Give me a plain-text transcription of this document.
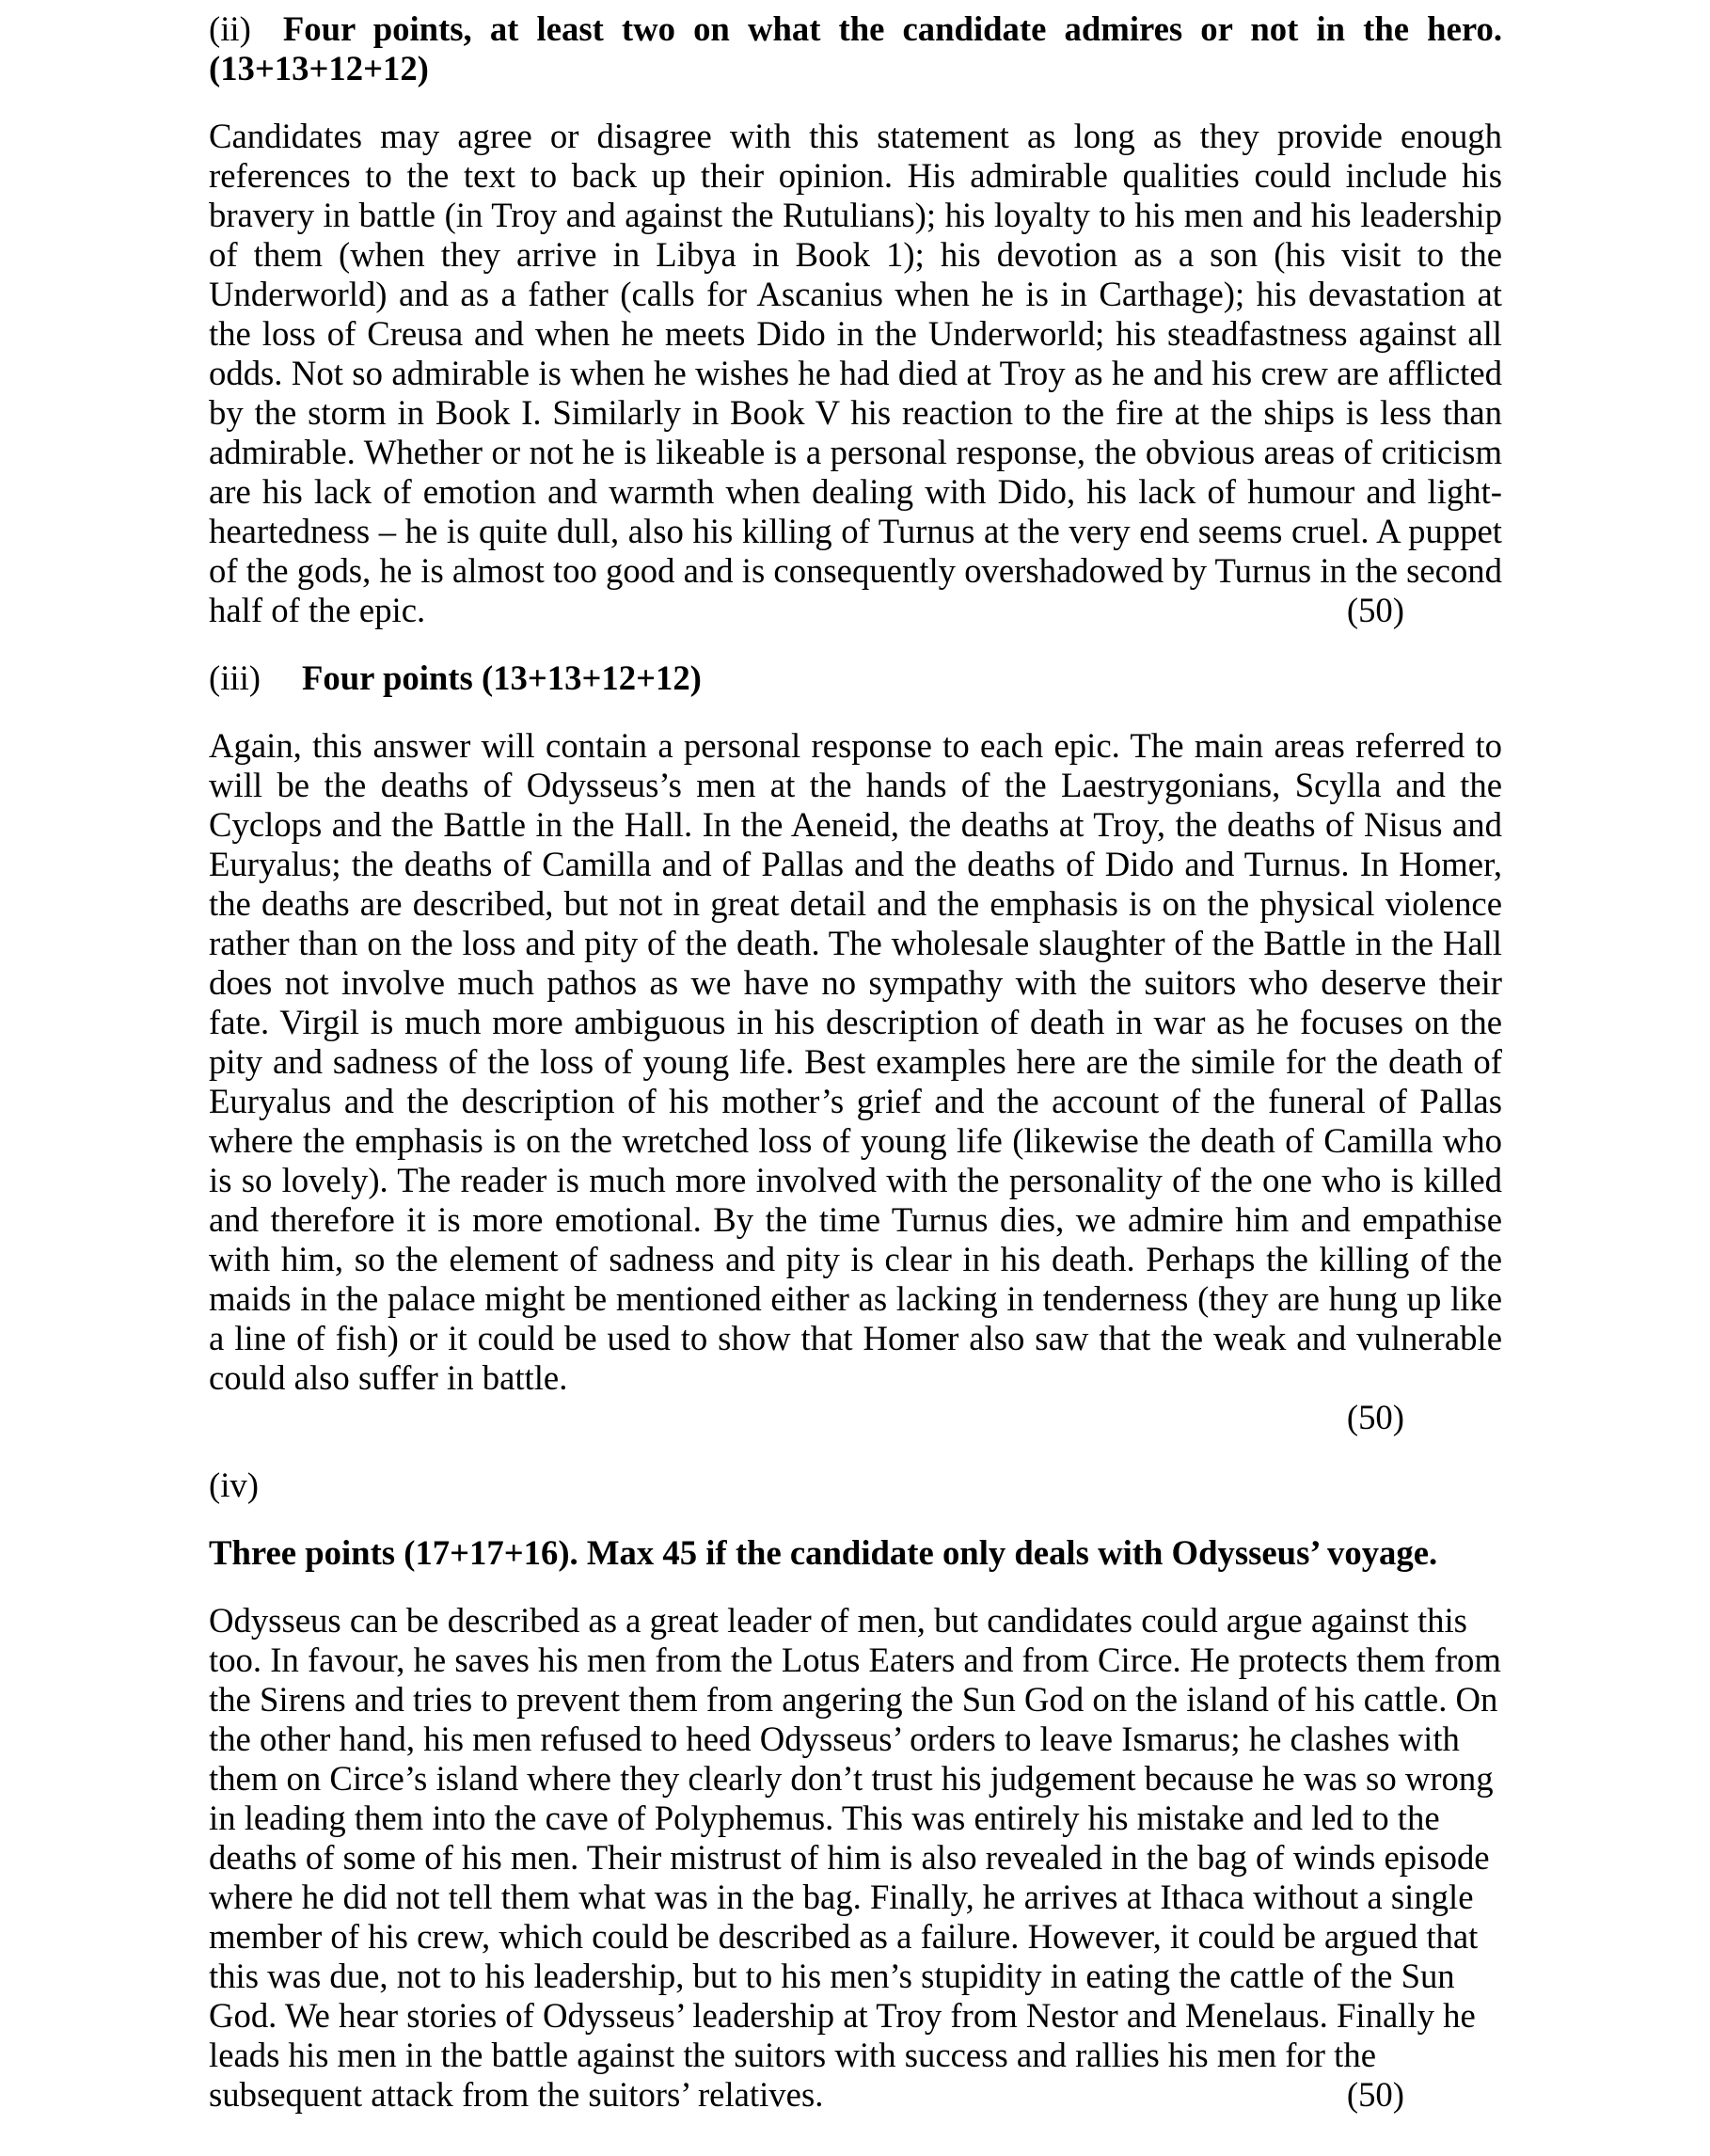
(ii) Four points, at least two on what the candidate admires or not in the hero.
(13+13+12+12)

Candidates may agree or disagree with this statement as long as they provide enough references to the text to back up their opinion. His admirable qualities could include his bravery in battle (in Troy and against the Rutulians); his loyalty to his men and his leadership of them (when they arrive in Libya in Book 1); his devotion as a son (his visit to the Underworld) and as a father (calls for Ascanius when he is in Carthage); his devastation at the loss of Creusa and when he meets Dido in the Underworld; his steadfastness against all odds. Not so admirable is when he wishes he had died at Troy as he and his crew are afflicted by the storm in Book I. Similarly in Book V his reaction to the fire at the ships is less than admirable. Whether or not he is likeable is a personal response, the obvious areas of criticism are his lack of emotion and warmth when dealing with Dido, his lack of humour and light-heartedness – he is quite dull, also his killing of Turnus at the very end seems cruel. A puppet of the gods, he is almost too good and is consequently overshadowed by Turnus in the second half of the epic.	(50)

(iii) Four points (13+13+12+12)

Again, this answer will contain a personal response to each epic. The main areas referred to will be the deaths of Odysseus’s men at the hands of the Laestrygonians, Scylla and the Cyclops and the Battle in the Hall. In the Aeneid, the deaths at Troy, the deaths of Nisus and Euryalus; the deaths of Camilla and of Pallas and the deaths of Dido and Turnus. In Homer, the deaths are described, but not in great detail and the emphasis is on the physical violence rather than on the loss and pity of the death. The wholesale slaughter of the Battle in the Hall does not involve much pathos as we have no sympathy with the suitors who deserve their fate. Virgil is much more ambiguous in his description of death in war as he focuses on the pity and sadness of the loss of young life. Best examples here are the simile for the death of Euryalus and the description of his mother’s grief and the account of the funeral of Pallas where the emphasis is on the wretched loss of young life (likewise the death of Camilla who is so lovely). The reader is much more involved with the personality of the one who is killed and therefore it is more emotional. By the time Turnus dies, we admire him and empathise with him, so the element of sadness and pity is clear in his death. Perhaps the killing of the maids in the palace might be mentioned either as lacking in tenderness (they are hung up like a line of fish) or it could be used to show that Homer also saw that the weak and vulnerable could also suffer in battle.

(50)
(iv)
Three points (17+17+16). Max 45 if the candidate only deals with Odysseus’ voyage.

Odysseus can be described as a great leader of men, but candidates could argue against this too. In favour, he saves his men from the Lotus Eaters and from Circe. He protects them from the Sirens and tries to prevent them from angering the Sun God on the island of his cattle. On the other hand, his men refused to heed Odysseus’ orders to leave Ismarus; he clashes with them on Circe’s island where they clearly don’t trust his judgement because he was so wrong in leading them into the cave of Polyphemus. This was entirely his mistake and led to the deaths of some of his men. Their mistrust of him is also revealed in the bag of winds episode where he did not tell them what was in the bag. Finally, he arrives at Ithaca without a single member of his crew, which could be described as a failure. However, it could be argued that this was due, not to his leadership, but to his men’s stupidity in eating the cattle of the Sun God. We hear stories of Odysseus’ leadership at Troy from Nestor and Menelaus. Finally he leads his men in the battle against the suitors with success and rallies his men for the subsequent attack from the suitors’ relatives.	(50)
